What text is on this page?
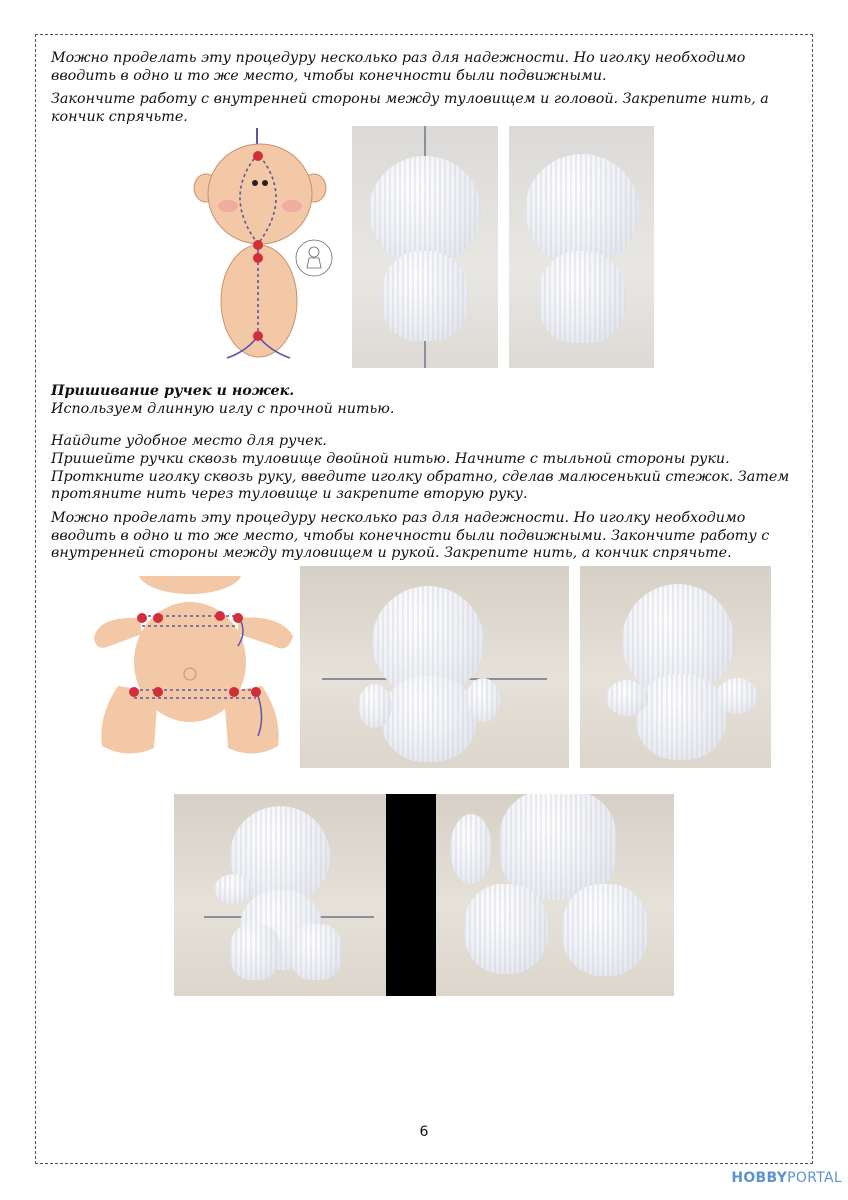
Можно проделать эту процедуру несколько раз для надежности. Но иголку необходимо вводить в одно и то же место, чтобы конечности были подвижными.

Закончите работу с внутренней стороны между туловищем и головой. Закрепите нить, а кончик спрячьте.

Пришивание ручек и ножек.

Используем длинную иглу с прочной нитью.

Найдите удобное место для ручек.

Пришейте ручки сквозь туловище двойной нитью. Начните с тыльной стороны руки. Проткните иголку сквозь руку, введите иголку обратно, сделав малюсенький стежок. Затем протяните нить через туловище и закрепите вторую руку.

Можно проделать эту процедуру несколько раз для надежности. Но иголку необходимо вводить в одно и то же место, чтобы конечности были подвижными. Закончите работу с внутренней стороны между туловищем и рукой. Закрепите нить, а кончик спрячьте.

6
HOBBYPORTAL
